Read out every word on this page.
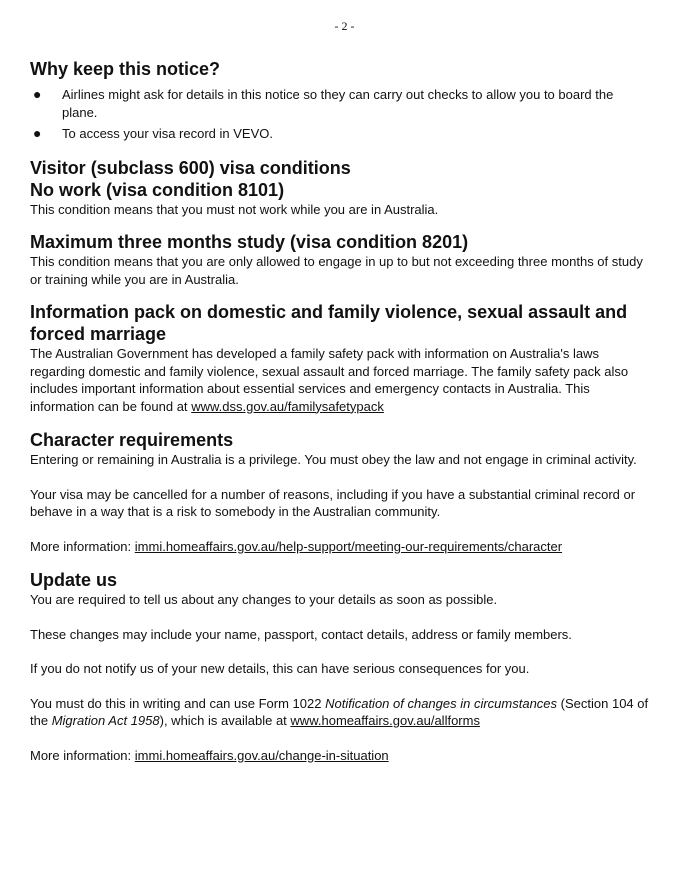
- 2 -
Why keep this notice?
● Airlines might ask for details in this notice so they can carry out checks to allow you to board the plane.
● To access your visa record in VEVO.
Visitor (subclass 600) visa conditions
No work (visa condition 8101)

This condition means that you must not work while you are in Australia.

Maximum three months study (visa condition 8201)

This condition means that you are only allowed to engage in up to but not exceeding three months of study or training while you are in Australia.

Information pack on domestic and family violence, sexual assault and forced marriage

The Australian Government has developed a family safety pack with information on Australia's laws regarding domestic and family violence, sexual assault and forced marriage. The family safety pack also includes important information about essential services and emergency contacts in Australia. This information can be found at www.dss.gov.au/familysafetypack

Character requirements

Entering or remaining in Australia is a privilege. You must obey the law and not engage in criminal activity.

Your visa may be cancelled for a number of reasons, including if you have a substantial criminal record or behave in a way that is a risk to somebody in the Australian community.

More information: immi.homeaffairs.gov.au/help-support/meeting-our-requirements/character

Update us

You are required to tell us about any changes to your details as soon as possible.

These changes may include your name, passport, contact details, address or family members.

If you do not notify us of your new details, this can have serious consequences for you.

You must do this in writing and can use Form 1022 Notification of changes in circumstances (Section 104 of the Migration Act 1958), which is available at www.homeaffairs.gov.au/allforms

More information: immi.homeaffairs.gov.au/change-in-situation
